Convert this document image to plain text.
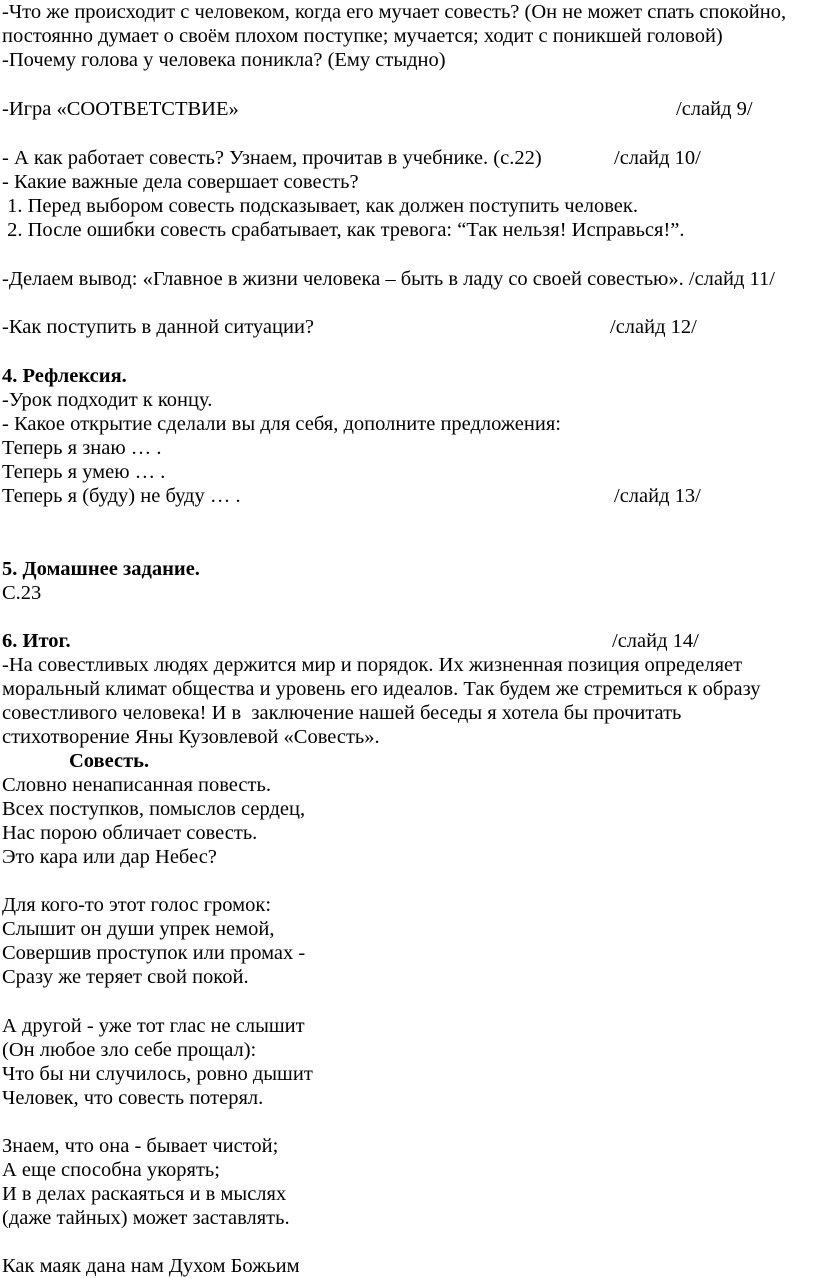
-Что же происходит с человеком, когда его мучает совесть? (Он не может спать спокойно,
постоянно думает о своём плохом поступке; мучается; ходит с поникшей головой)
-Почему голова у человека поникла? (Ему стыдно)
-Игра «СООТВЕТСТВИЕ»	/слайд 9/
- А как работает совесть? Узнаем, прочитав в учебнике. (с.22)	/слайд 10/
- Какие важные дела совершает совесть?
1. Перед выбором совесть подсказывает, как должен поступить человек.
2. После ошибки совесть срабатывает, как тревога: “Так нельзя! Исправься!”.
-Делаем вывод: «Главное в жизни человека – быть в ладу со своей совестью». /слайд 11/
-Как поступить в данной ситуации?	/слайд 12/
4. Рефлексия.
-Урок подходит к концу.
- Какое открытие сделали вы для себя, дополните предложения:
Теперь я знаю … .
Теперь я умею … .
Теперь я (буду) не буду … .	/слайд 13/
5. Домашнее задание.
С.23
6. Итог.	/слайд 14/
-На совестливых людях держится мир и порядок. Их жизненная позиция определяет
моральный климат общества и уровень его идеалов. Так будем же стремиться к образу
совестливого человека! И в  заключение нашей беседы я хотела бы прочитать
стихотворение Яны Кузовлевой «Совесть».
Совесть.
Словно ненаписанная повесть.
Всех поступков, помыслов сердец,
Нас порою обличает совесть.
Это кара или дар Небес?
Для кого-то этот голос громок:
Слышит он души упрек немой,
Совершив проступок или промах -
Сразу же теряет свой покой.
А другой - уже тот глас не слышит
(Он любое зло себе прощал):
Что бы ни случилось, ровно дышит
Человек, что совесть потерял.
Знаем, что она - бывает чистой;
А еще способна укорять;
И в делах раскаяться и в мыслях
(даже тайных) может заставлять.
Как маяк дана нам Духом Божьим
